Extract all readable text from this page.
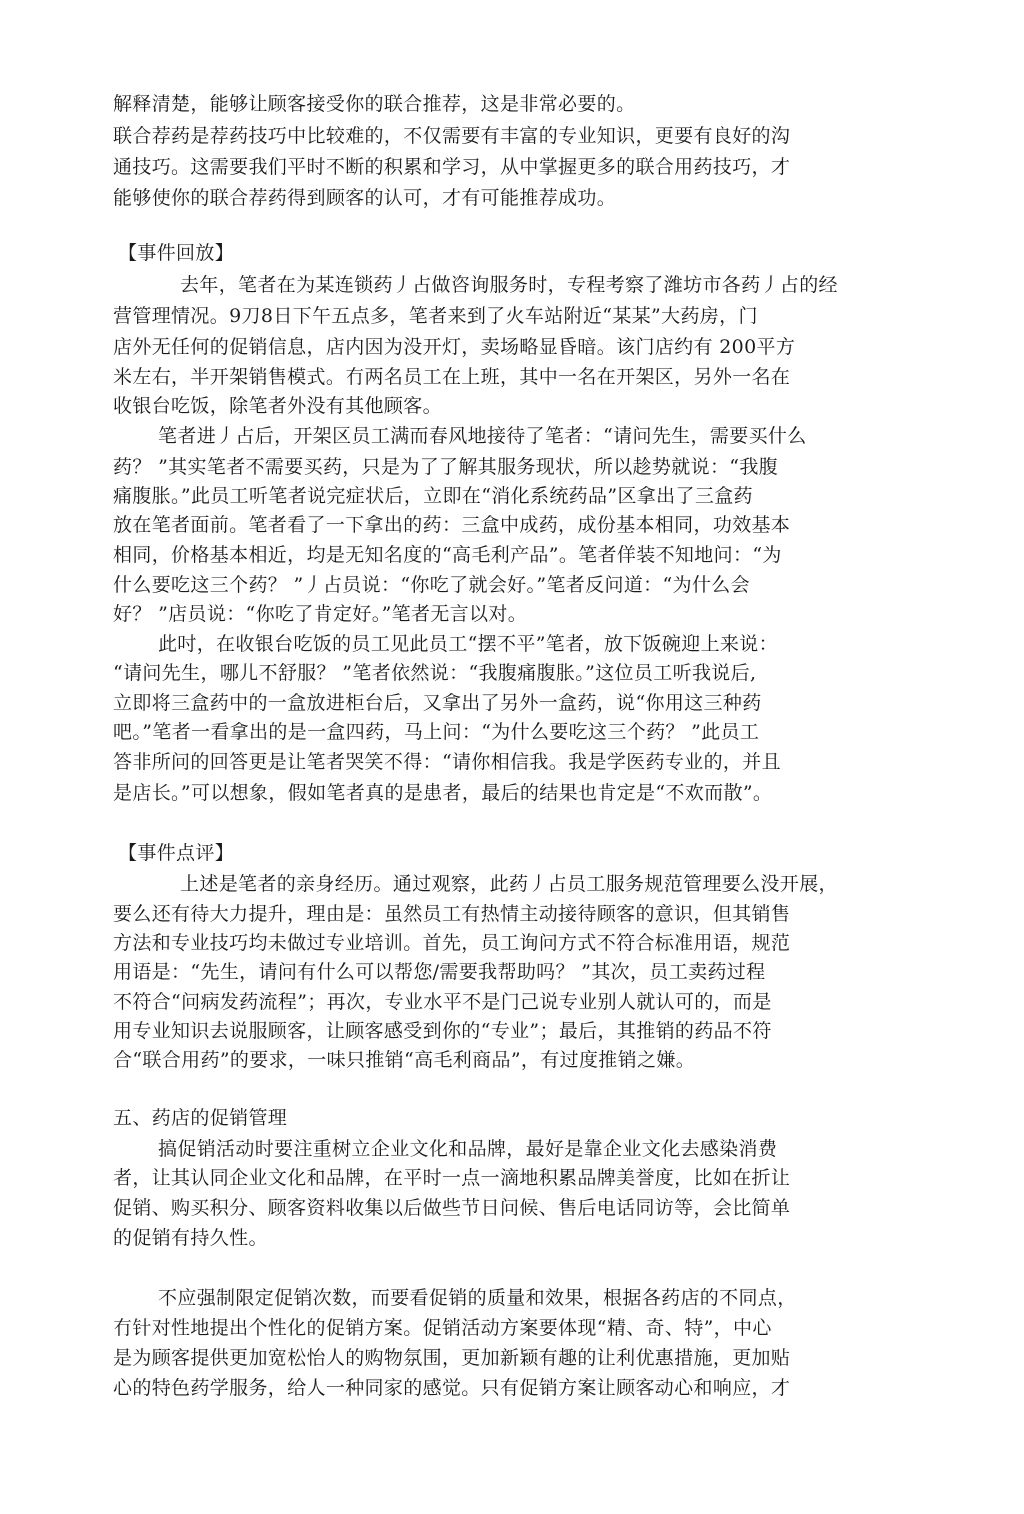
解释清楚，能够让顾客接受你的联合推荐，这是非常必要的。
联合荐药是荐药技巧中比较难的，不仅需要有丰富的专业知识，更要有良好的沟
通技巧。这需要我们平时不断的积累和学习，从中掌握更多的联合用药技巧，才
能够使你的联合荐药得到顾客的认可，才有可能推荐成功。
【事件回放】
去年，笔者在为某连锁药丿占做咨询服务时，专程考察了潍坊市各药丿占的经
营管理情况。9刀8日下午五点多，笔者来到了火车站附近“某某”大药房，门
店外无任何的促销信息，店内因为没开灯，卖场略显昏暗。该门店约有 200平方
米左右，半开架销售模式。冇两名员工在上班，其中一名在开架区，另外一名在
收银台吃饭，除笔者外没有其他顾客。
笔者进丿占后，开架区员工满而春风地接待了笔者：“请问先生，需要买什么
药？ ”其实笔者不需要买药，只是为了了解其服务现状，所以趁势就说：“我腹
痛腹胀。”此员工听笔者说完症状后，立即在“消化系统药品”区拿出了三盒药
放在笔者面前。笔者看了一下拿出的药：三盒中成药，成份基本相同，功效基本
相同，价格基本相近，均是无知名度的“高毛利产品”。笔者佯装不知地问：“为
什么要吃这三个药？ ”丿占员说：“你吃了就会好。”笔者反问道：“为什么会
好？ ”店员说：“你吃了肯定好。”笔者无言以对。
此吋，在收银台吃饭的员工见此员工“摆不平”笔者，放下饭碗迎上来说：
“请问先生，哪儿不舒服？ ”笔者依然说：“我腹痛腹胀。”这位员工听我说后,
立即将三盒药中的一盒放进柜台后，又拿出了另外一盒药，说“你用这三种药
吧。”笔者一看拿出的是一盒四药，马上问：“为什么要吃这三个药？ ”此员工
答非所问的回答更是让笔者哭笑不得：“请你相信我。我是学医药专业的，并且
是店长。”可以想象，假如笔者真的是患者，最后的结果也肯定是“不欢而散”。
【事件点评】
上述是笔者的亲身经历。通过观察，此药丿占员工服务规范管理要么没开展，
要么还有待大力提升，理由是：虽然员工有热情主动接待顾客的意识，但其销售
方法和专业技巧均未做过专业培训。首先，员工询问方式不符合标准用语，规范
用语是：“先生，请问有什么可以帮您/需要我帮助吗？ ”其次，员工卖药过程
不符合“问病发药流程”；再次，专业水平不是门己说专业别人就认可的，而是
用专业知识去说服顾客，让顾客感受到你的“专业”；最后，其推销的药品不符
合“联合用药”的要求，一味只推销“高毛利商品”，有过度推销之嫌。
五、药店的促销管理
搞促销活动时要注重树立企业文化和品牌，最好是靠企业文化去感染消费
者，让其认同企业文化和品牌，在平时一点一滴地积累品牌美誉度，比如在折让
促销、购买积分、顾客资料收集以后做些节日问候、售后电话同访等，会比简单
的促销有持久性。
不应强制限定促销次数，而要看促销的质量和效果，根据各药店的不同点，
冇针对性地提出个性化的促销方案。促销活动方案要体现“精、奇、特”，中心
是为顾客提供更加宽松怡人的购物氛围，更加新颖有趣的让利优惠措施，更加贴
心的特色药学服务，给人一种同家的感觉。只有促销方案让顾客动心和响应，才
